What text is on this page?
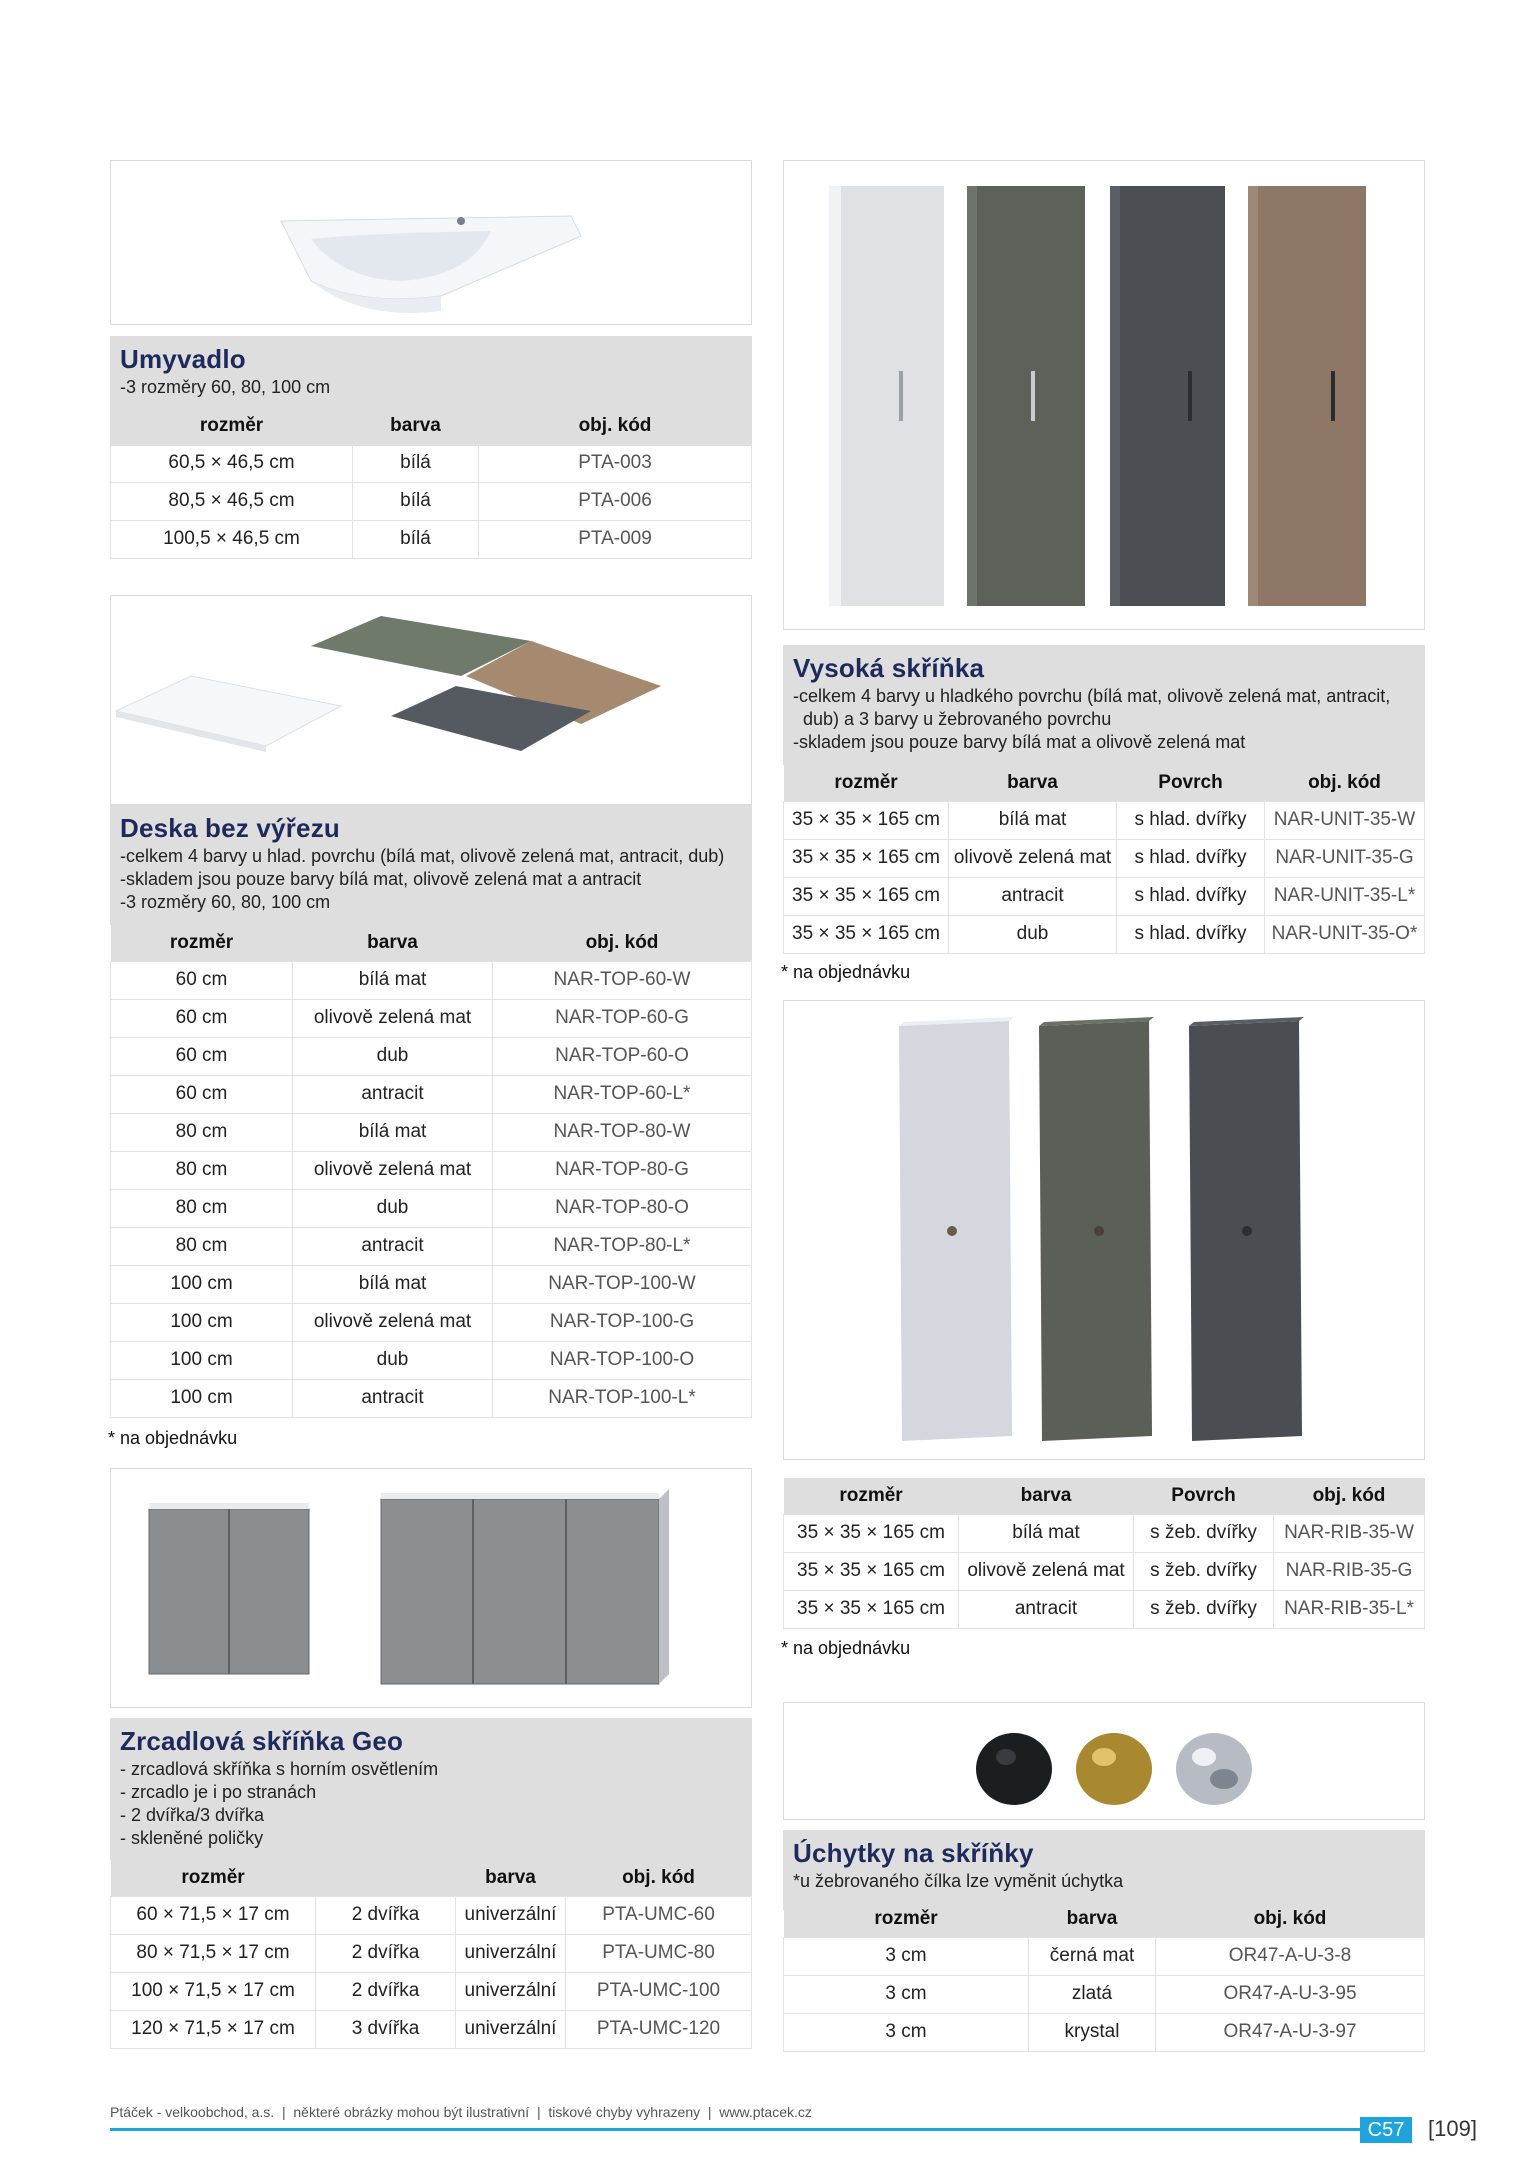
Umyvadlo

-3 rozměry 60, 80, 100 cm

rozměr	barva	obj. kód
60,5 × 46,5 cm	bílá	PTA-003
80,5 × 46,5 cm	bílá	PTA-006
100,5 × 46,5 cm	bílá	PTA-009
Deska bez výřezu

-celkem 4 barvy u hlad. povrchu (bílá mat, olivově zelená mat, antracit, dub)

-skladem jsou pouze barvy bílá mat, olivově zelená mat a antracit

-3 rozměry 60, 80, 100 cm

rozměr	barva	obj. kód
60 cm	bílá mat	NAR-TOP-60-W
60 cm	olivově zelená mat	NAR-TOP-60-G
60 cm	dub	NAR-TOP-60-O
60 cm	antracit	NAR-TOP-60-L*
80 cm	bílá mat	NAR-TOP-80-W
80 cm	olivově zelená mat	NAR-TOP-80-G
80 cm	dub	NAR-TOP-80-O
80 cm	antracit	NAR-TOP-80-L*
100 cm	bílá mat	NAR-TOP-100-W
100 cm	olivově zelená mat	NAR-TOP-100-G
100 cm	dub	NAR-TOP-100-O
100 cm	antracit	NAR-TOP-100-L*
* na objednávku
Zrcadlová skříňka Geo

- zrcadlová skříňka s horním osvětlením

- zrcadlo je i po stranách

- 2 dvířka/3 dvířka

- skleněné poličky

rozměr		barva	obj. kód
60 × 71,5 × 17 cm	2 dvířka	univerzální	PTA-UMC-60
80 × 71,5 × 17 cm	2 dvířka	univerzální	PTA-UMC-80
100 × 71,5 × 17 cm	2 dvířka	univerzální	PTA-UMC-100
120 × 71,5 × 17 cm	3 dvířka	univerzální	PTA-UMC-120
Vysoká skříňka

-celkem 4 barvy u hladkého povrchu (bílá mat, olivově zelená mat, antracit,

dub) a 3 barvy u žebrovaného povrchu

-skladem jsou pouze barvy bílá mat a olivově zelená mat

rozměr	barva	Povrch	obj. kód
35 × 35 × 165 cm	bílá mat	s hlad. dvířky	NAR-UNIT-35-W
35 × 35 × 165 cm	olivově zelená mat	s hlad. dvířky	NAR-UNIT-35-G
35 × 35 × 165 cm	antracit	s hlad. dvířky	NAR-UNIT-35-L*
35 × 35 × 165 cm	dub	s hlad. dvířky	NAR-UNIT-35-O*
* na objednávku
rozměr	barva	Povrch	obj. kód
35 × 35 × 165 cm	bílá mat	s žeb. dvířky	NAR-RIB-35-W
35 × 35 × 165 cm	olivově zelená mat	s žeb. dvířky	NAR-RIB-35-G
35 × 35 × 165 cm	antracit	s žeb. dvířky	NAR-RIB-35-L*
* na objednávku
Úchytky na skříňky

*u žebrovaného čílka lze vyměnit úchytka

rozměr	barva	obj. kód
3 cm	černá mat	OR47-A-U-3-8
3 cm	zlatá	OR47-A-U-3-95
3 cm	krystal	OR47-A-U-3-97
Ptáček - velkoobchod, a.s.  |  některé obrázky mohou být ilustrativní  |  tiskové chyby vyhrazeny  |  www.ptacek.cz
C57	[109]
